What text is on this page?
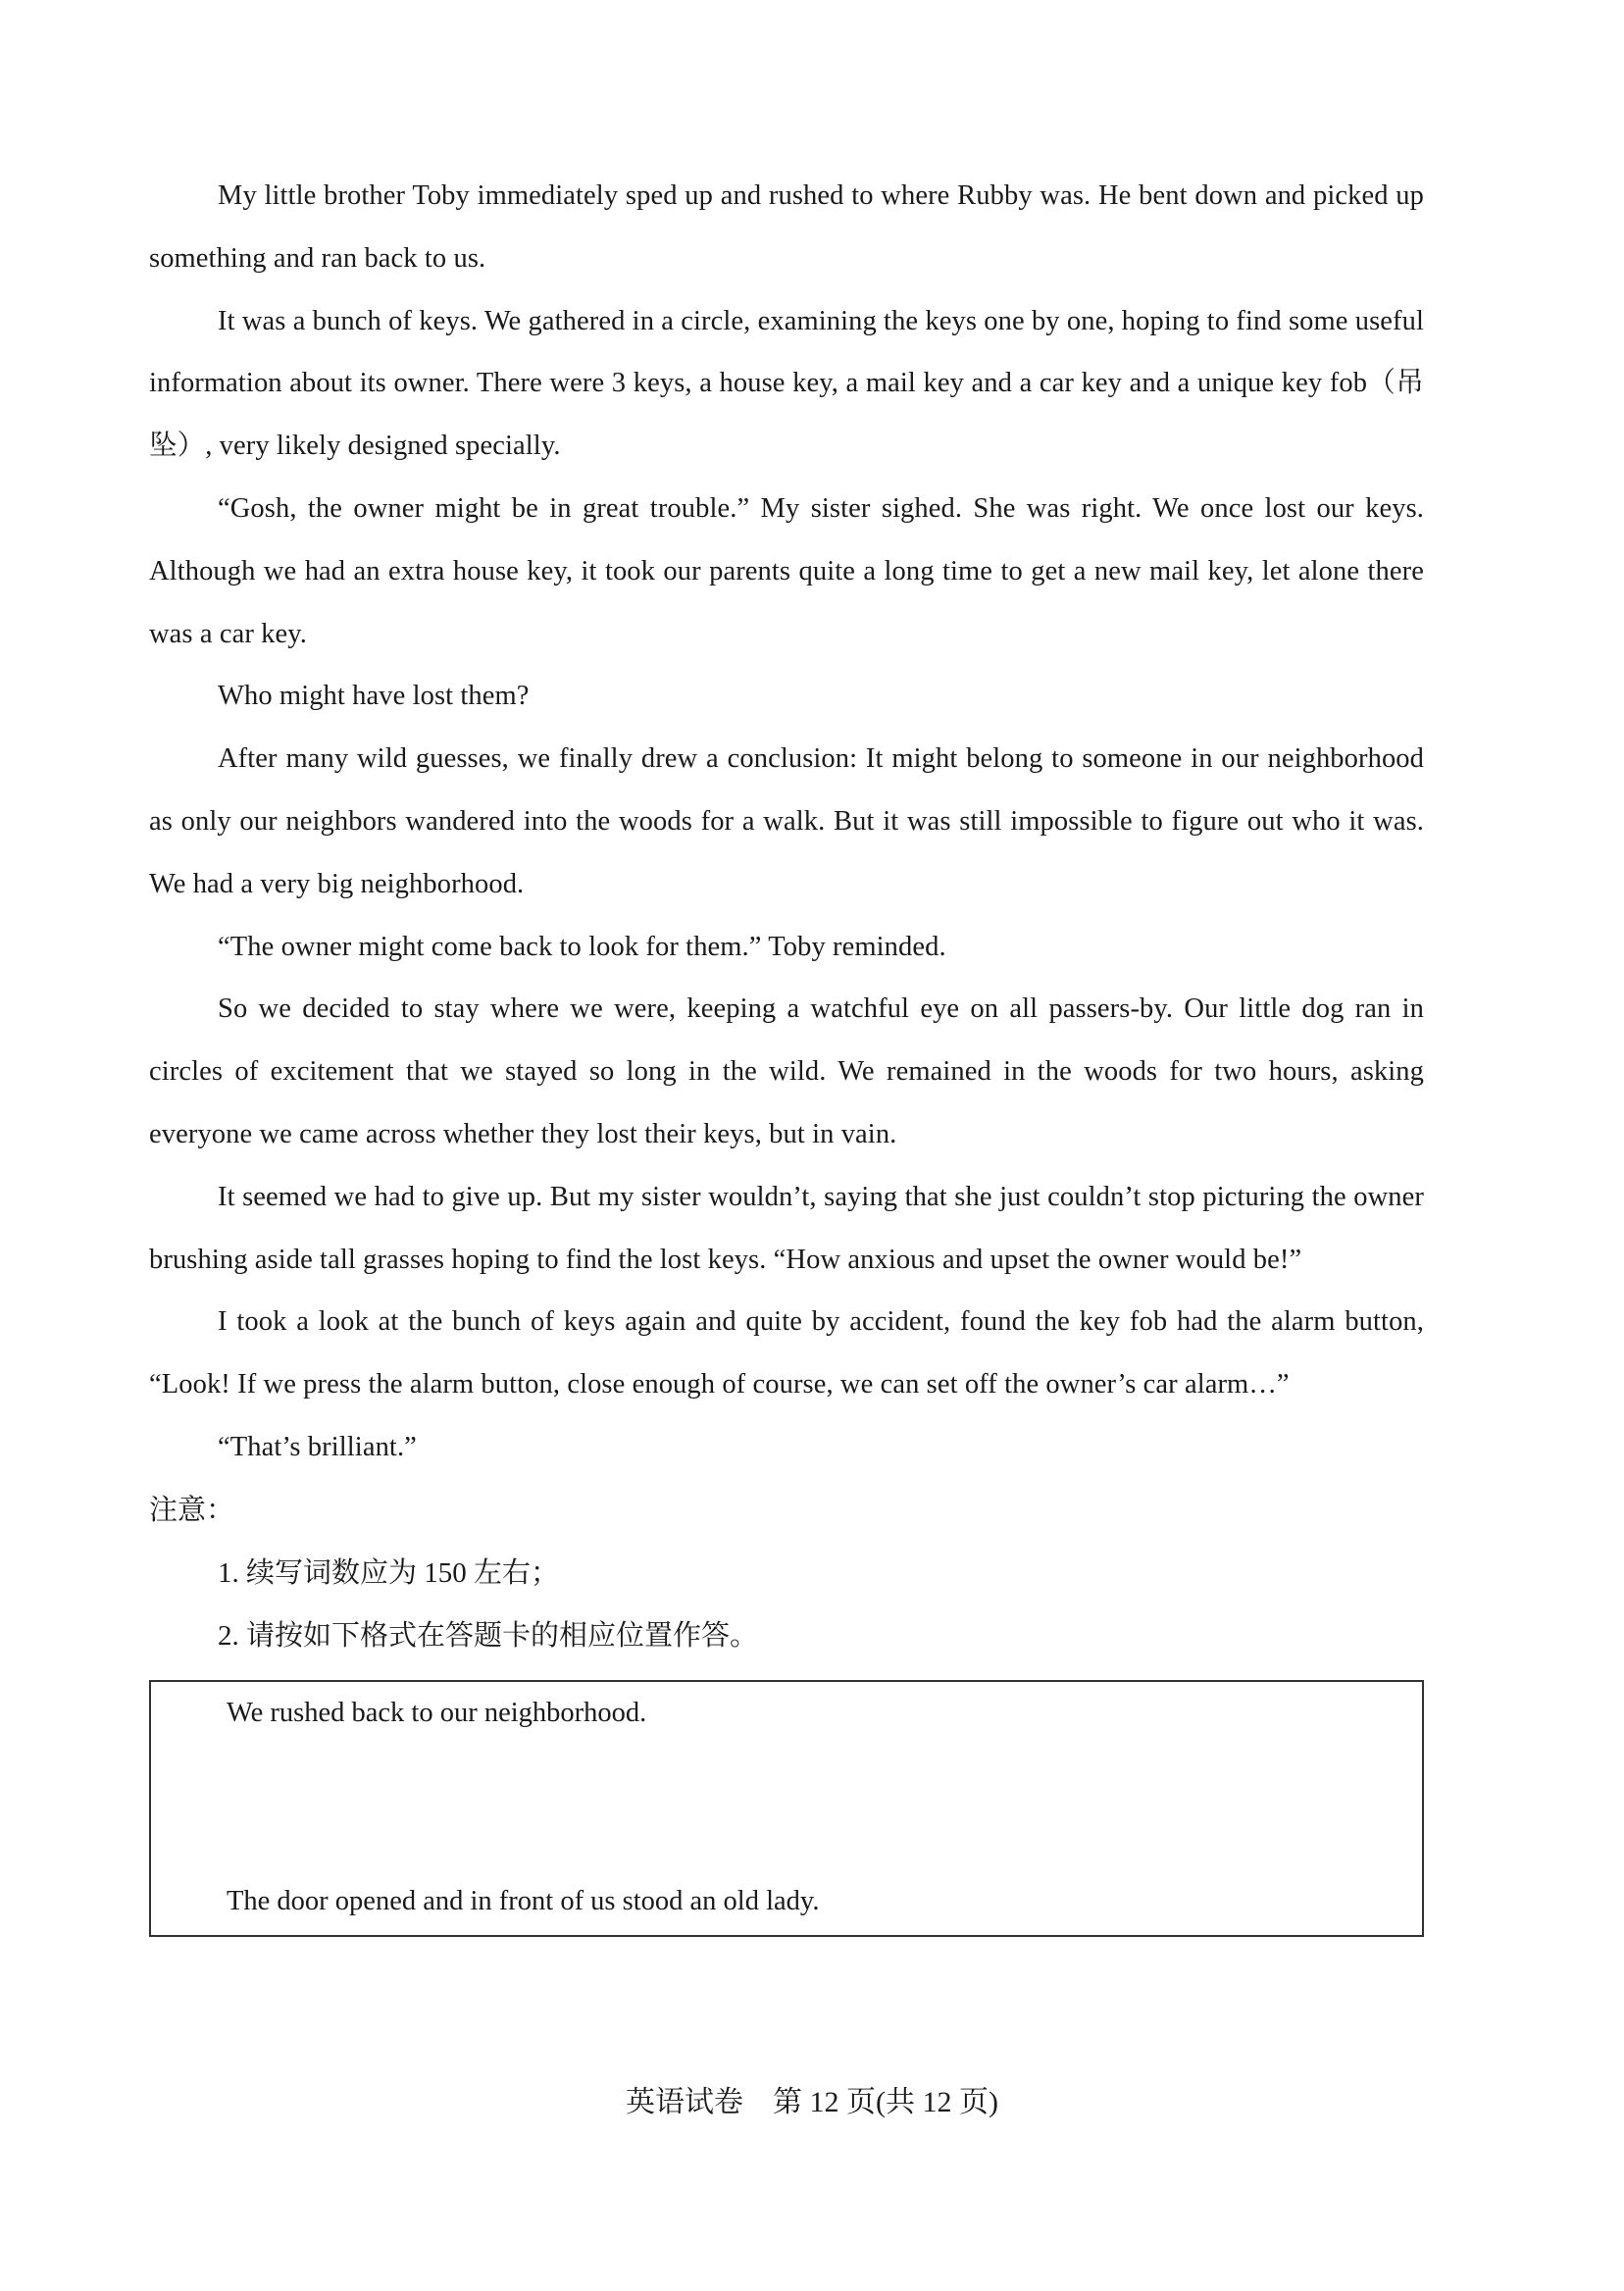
My little brother Toby immediately sped up and rushed to where Rubby was. He bent down and picked up something and ran back to us.

It was a bunch of keys. We gathered in a circle, examining the keys one by one, hoping to find some useful information about its owner. There were 3 keys, a house key, a mail key and a car key and a unique key fob（吊坠）, very likely designed specially.

“Gosh, the owner might be in great trouble.” My sister sighed. She was right. We once lost our keys. Although we had an extra house key, it took our parents quite a long time to get a new mail key, let alone there was a car key.

Who might have lost them?

After many wild guesses, we finally drew a conclusion: It might belong to someone in our neighborhood as only our neighbors wandered into the woods for a walk. But it was still impossible to figure out who it was. We had a very big neighborhood.

“The owner might come back to look for them.” Toby reminded.

So we decided to stay where we were, keeping a watchful eye on all passers-by. Our little dog ran in circles of excitement that we stayed so long in the wild. We remained in the woods for two hours, asking everyone we came across whether they lost their keys, but in vain.

It seemed we had to give up. But my sister wouldn’t, saying that she just couldn’t stop picturing the owner brushing aside tall grasses hoping to find the lost keys. “How anxious and upset the owner would be!”

I took a look at the bunch of keys again and quite by accident, found the key fob had the alarm button, “Look! If we press the alarm button, close enough of course, we can set off the owner’s car alarm…”

“That’s brilliant.”

注意：

1. 续写词数应为 150 左右；

2. 请按如下格式在答题卡的相应位置作答。

We rushed back to our neighborhood.
The door opened and in front of us stood an old lady.
英语试卷　第 12 页(共 12 页)
